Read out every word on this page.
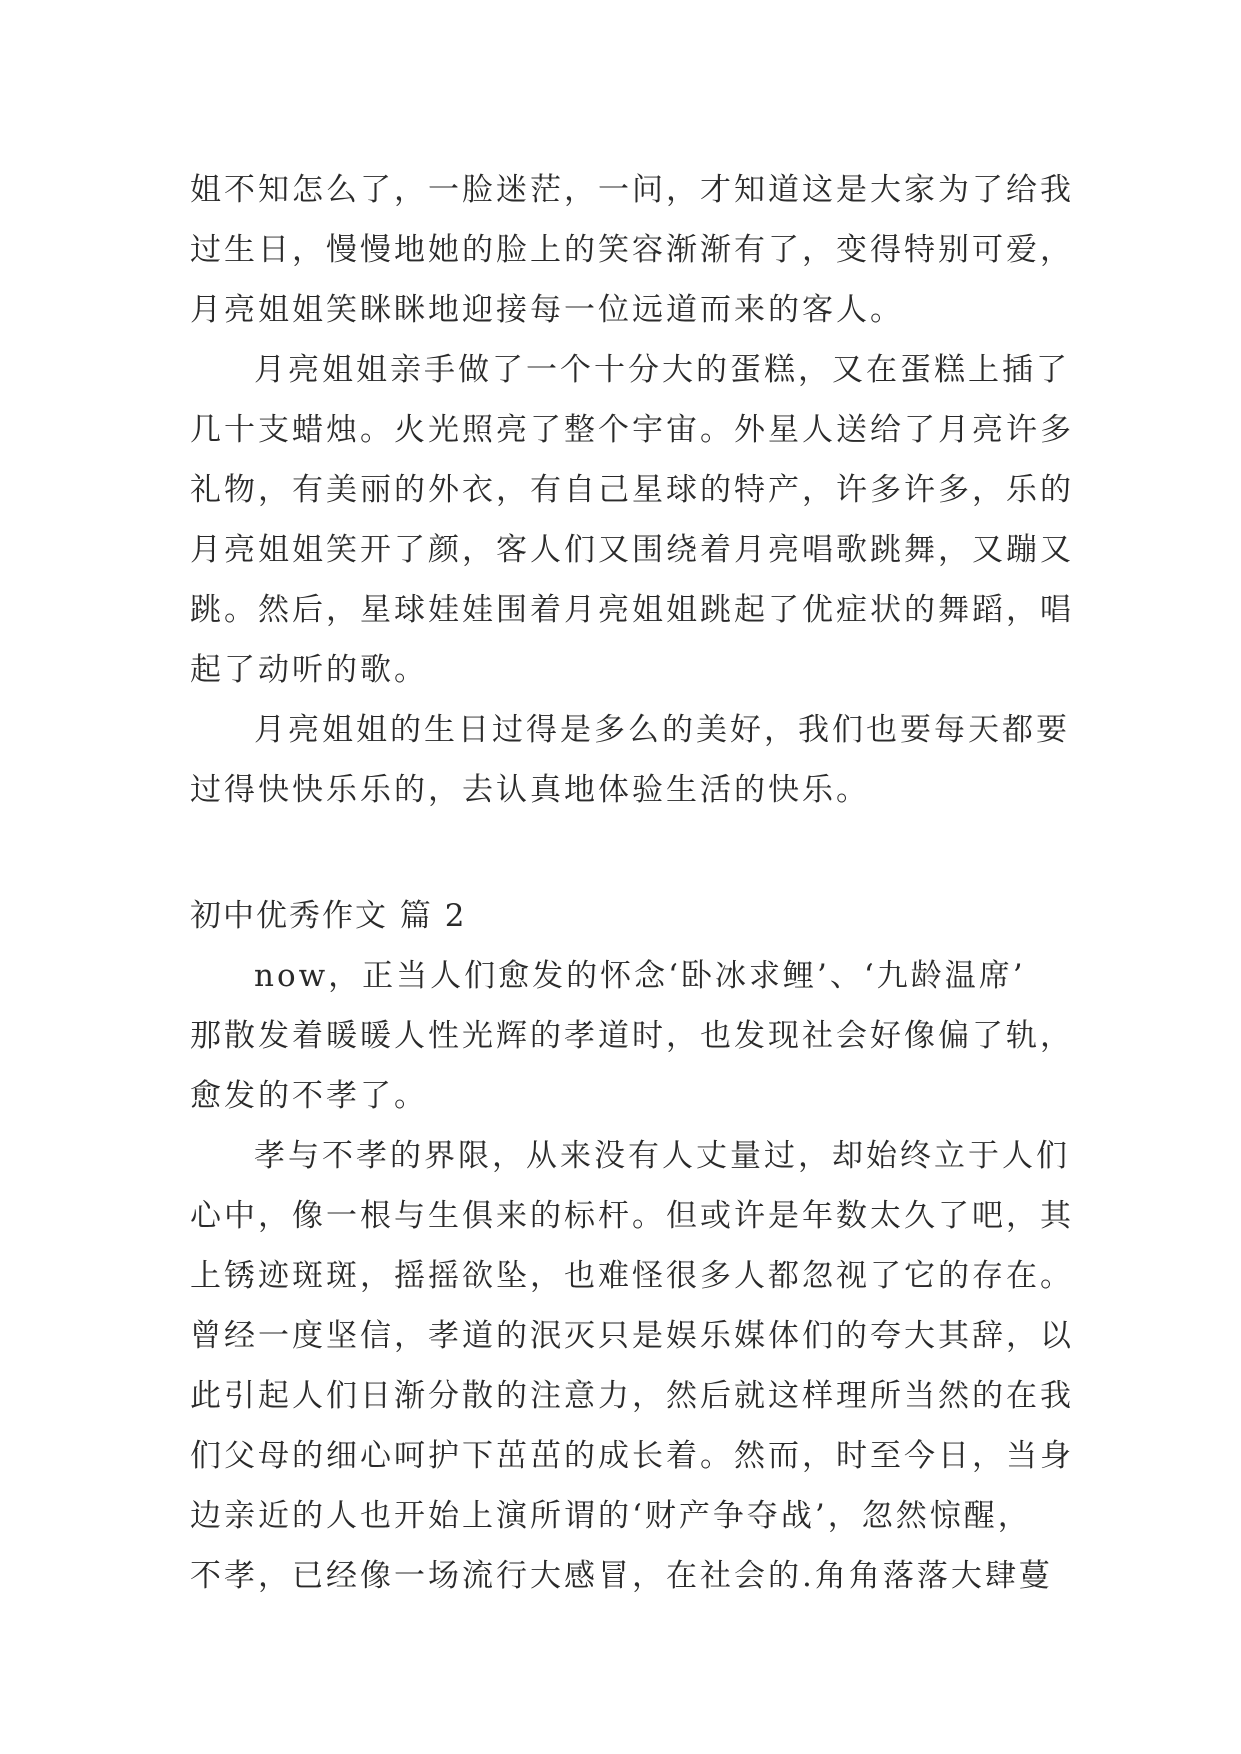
姐不知怎么了，一脸迷茫，一问，才知道这是大家为了给我
过生日，慢慢地她的脸上的笑容渐渐有了，变得特别可爱，
月亮姐姐笑眯眯地迎接每一位远道而来的客人。
月亮姐姐亲手做了一个十分大的蛋糕，又在蛋糕上插了
几十支蜡烛。火光照亮了整个宇宙。外星人送给了月亮许多
礼物，有美丽的外衣，有自己星球的特产，许多许多，乐的
月亮姐姐笑开了颜，客人们又围绕着月亮唱歌跳舞，又蹦又
跳。然后，星球娃娃围着月亮姐姐跳起了优症状的舞蹈，唱
起了动听的歌。
月亮姐姐的生日过得是多么的美好，我们也要每天都要
过得快快乐乐的，去认真地体验生活的快乐。
初中优秀作文 篇 2
now，正当人们愈发的怀念‘卧冰求鲤’、‘九龄温席’
那散发着暖暖人性光辉的孝道时，也发现社会好像偏了轨，
愈发的不孝了。
孝与不孝的界限，从来没有人丈量过，却始终立于人们
心中，像一根与生俱来的标杆。但或许是年数太久了吧，其
上锈迹斑斑，摇摇欲坠，也难怪很多人都忽视了它的存在。
曾经一度坚信，孝道的泯灭只是娱乐媒体们的夸大其辞，以
此引起人们日渐分散的注意力，然后就这样理所当然的在我
们父母的细心呵护下茁茁的成长着。然而，时至今日，当身
边亲近的人也开始上演所谓的‘财产争夺战’，忽然惊醒，
不孝，已经像一场流行大感冒，在社会的.角角落落大肆蔓
